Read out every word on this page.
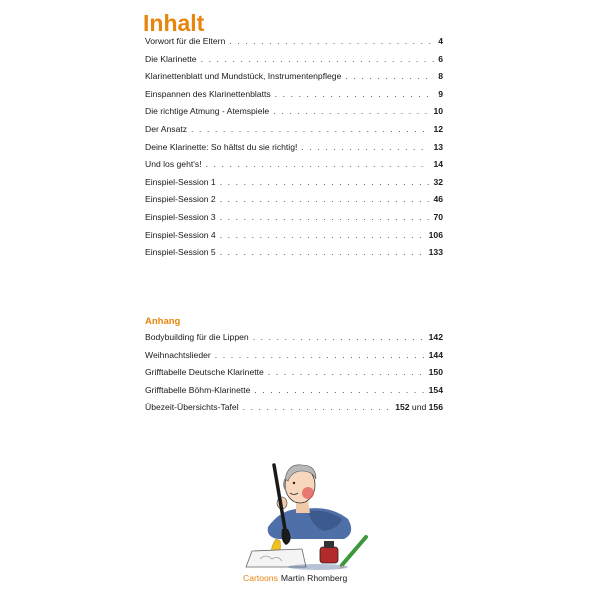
Inhalt
Vorwort für die Eltern . . .	4
Die Klarinette . . .	6
Klarinettenblatt und Mundstück, Instrumentenpflege . . .	8
Einspannen des Klarinettenblatts . . .	9
Die richtige Atmung - Atemspiele . . .	10
Der Ansatz . . .	12
Deine Klarinette: So hältst du sie richtig! . . .	13
Und los geht's! . . .	14
Einspiel-Session 1 . . .	32
Einspiel-Session 2 . . .	46
Einspiel-Session 3 . . .	70
Einspiel-Session 4 . . .	106
Einspiel-Session 5 . . .	133
Anhang
Bodybuilding für die Lippen . . .	142
Weihnachtslieder . . .	144
Grifftabelle Deutsche Klarinette . . .	150
Grifftabelle Böhm-Klarinette . . .	154
Übezeit-Übersichts-Tafel . . .	152 und 156
Cartoons Martin Rhomberg
